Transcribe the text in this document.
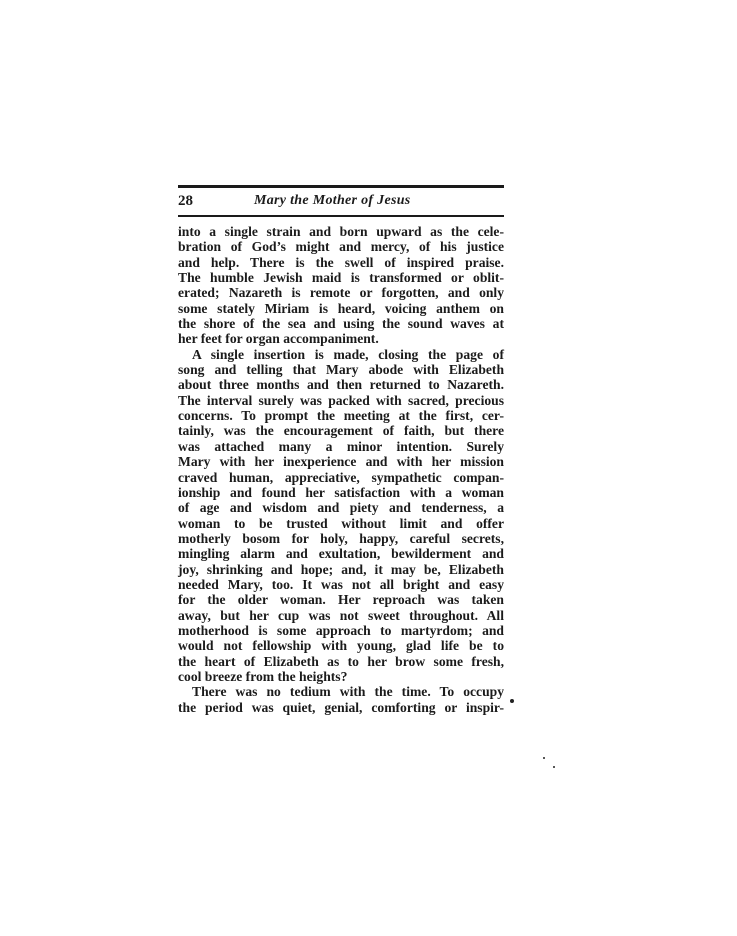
28	Mary the Mother of Jesus
into a single strain and born upward as the cele-
bration of God’s might and mercy, of his justice
and help. There is the swell of inspired praise.
The humble Jewish maid is transformed or oblit-
erated; Nazareth is remote or forgotten, and only
some stately Miriam is heard, voicing anthem on
the shore of the sea and using the sound waves at
her feet for organ accompaniment.
A single insertion is made, closing the page of
song and telling that Mary abode with Elizabeth
about three months and then returned to Nazareth.
The interval surely was packed with sacred, precious
concerns. To prompt the meeting at the first, cer-
tainly, was the encouragement of faith, but there
was attached many a minor intention. Surely
Mary with her inexperience and with her mission
craved human, appreciative, sympathetic compan-
ionship and found her satisfaction with a woman
of age and wisdom and piety and tenderness, a
woman to be trusted without limit and offer
motherly bosom for holy, happy, careful secrets,
mingling alarm and exultation, bewilderment and
joy, shrinking and hope; and, it may be, Elizabeth
needed Mary, too. It was not all bright and easy
for the older woman. Her reproach was taken
away, but her cup was not sweet throughout. All
motherhood is some approach to martyrdom; and
would not fellowship with young, glad life be to
the heart of Elizabeth as to her brow some fresh,
cool breeze from the heights?
There was no tedium with the time. To occupy
the period was quiet, genial, comforting or inspir-
